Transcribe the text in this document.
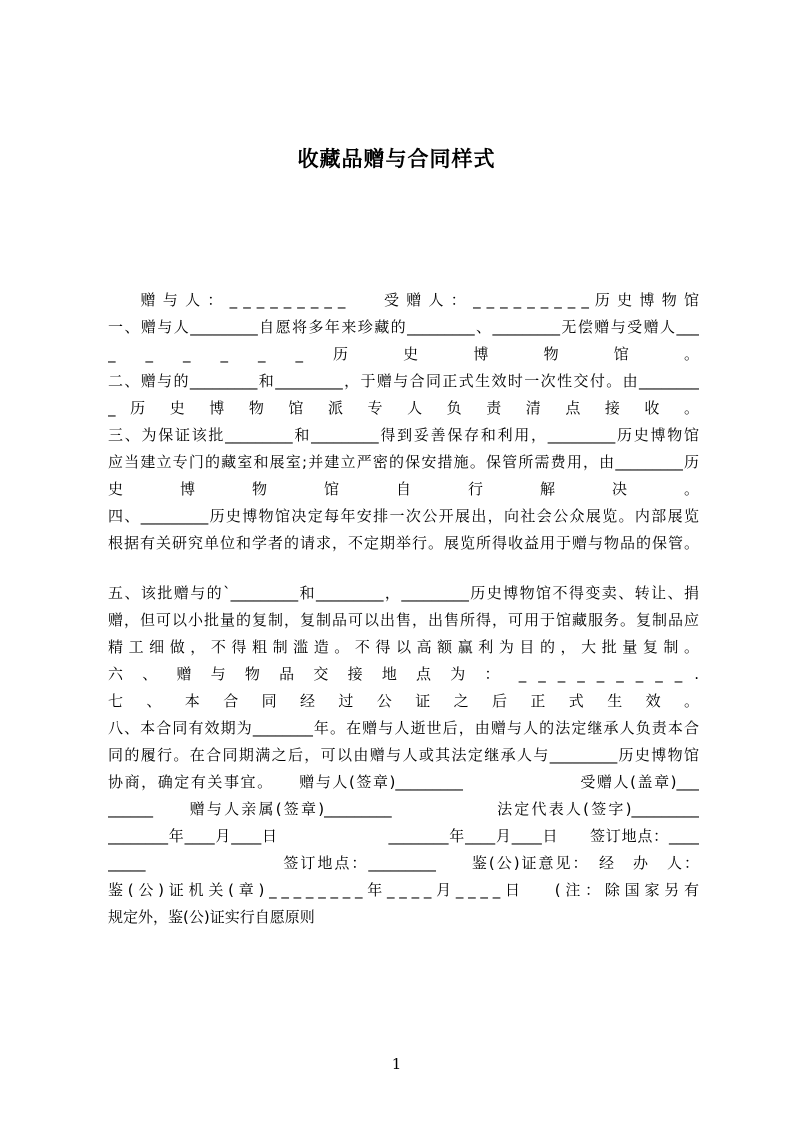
收藏品赠与合同样式
　　赠 与 人 ： _ _ _ _ _ _ _ _ _ 　　受 赠 人 ： _ _ _ _ _ _ _ _ _ 历 史 博 物 馆
一、赠与人_________自愿将多年来珍藏的_________、_________无偿赠与受赠人___
_ _ _ _ _ _ 历 史 博 物 馆 。
二、赠与的_________和_________，于赠与合同正式生效时一次性交付。由________
_ 历 史 博 物 馆 派 专 人 负 责 清 点 接 收 。
三、为保证该批_________和_________得到妥善保存和利用，_________历史博物馆
应当建立专门的藏室和展室;并建立严密的保安措施。保管所需费用，由_________历
史 博 物 馆 自 行 解 决 。
四、_________历史博物馆决定每年安排一次公开展出，向社会公众展览。内部展览
根据有关研究单位和学者的请求，不定期举行。展览所得收益用于赠与物品的保管。
五、该批赠与的`_________和_________，_________历史博物馆不得变卖、转让、捐
赠，但可以小批量的复制，复制品可以出售，出售所得，可用于馆藏服务。复制品应
精工细做，不得粗制滥造。不得以高额赢利为目的，大批量复制。
六 、 赠 与 物 品 交 接 地 点 为 ： _ _ _ _ _ _ _ _ _ .
七 、 本 合 同 经 过 公 证 之 后 正 式 生 效 。
八、本合同有效期为________年。在赠与人逝世后，由赠与人的法定继承人负责本合
同的履行。在合同期满之后，可以由赠与人或其法定继承人与_________历史博物馆
协商，确定有关事宜。　　赠与人(签章)_________　　　　　　　受赠人(盖章)___
______　　赠与人亲属(签章)_________　　　　　　法定代表人(签字)_________
________年____月____日　　　　　　　________年____月____日　　签订地点：____
_____　　　　　　　　签订地点：_________　　鉴(公)证意见：　经　办　人：
鉴 ( 公 ) 证 机 关 ( 章 ) _ _ _ _ _ _ _ _ 年 _ _ _ _ 月 _ _ _ _ 日 　　( 注 ： 除 国 家 另 有
规定外，鉴(公)证实行自愿原则
1
